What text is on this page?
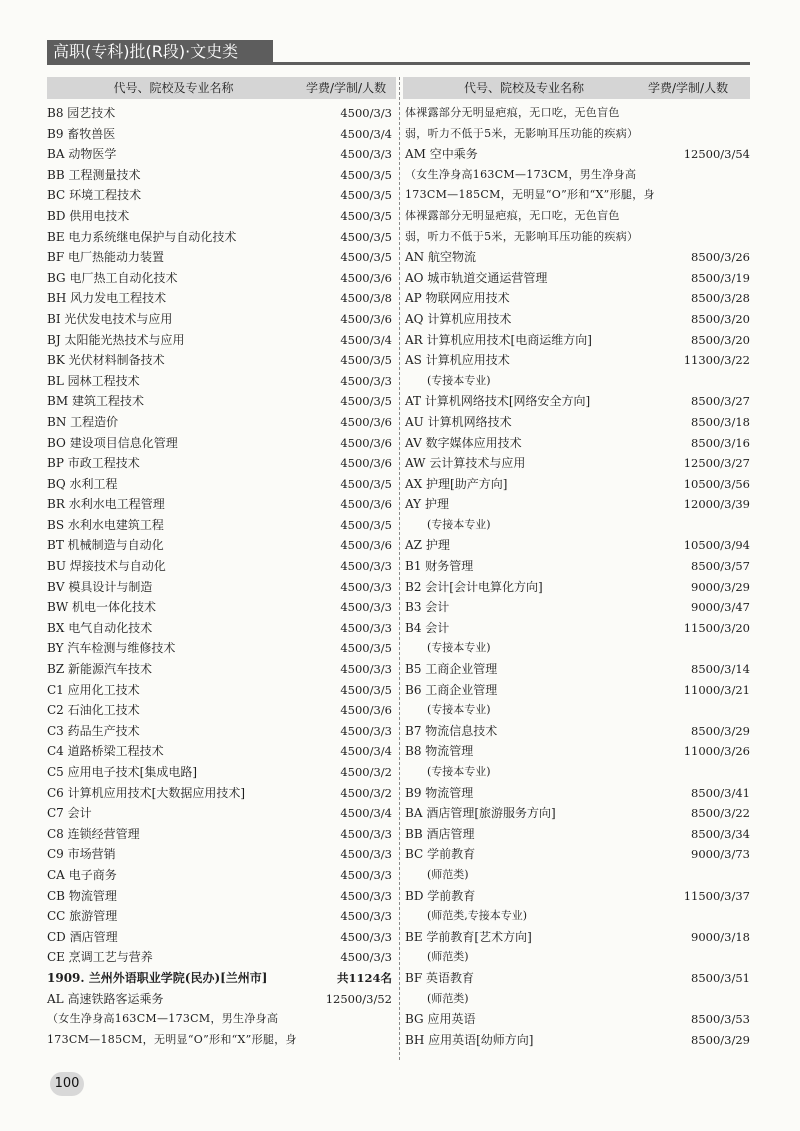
高职(专科)批(R段)·文史类
代号、院校及专业名称	学费/学制/人数	代号、院校及专业名称	学费/学制/人数
B8 园艺技术	4500/3/3
B9 畜牧兽医	4500/3/4
BA 动物医学	4500/3/3
BB 工程测量技术	4500/3/5
BC 环境工程技术	4500/3/5
BD 供用电技术	4500/3/5
BE 电力系统继电保护与自动化技术	4500/3/5
BF 电厂热能动力装置	4500/3/5
BG 电厂热工自动化技术	4500/3/6
BH 风力发电工程技术	4500/3/8
BI 光伏发电技术与应用	4500/3/6
BJ 太阳能光热技术与应用	4500/3/4
BK 光伏材料制备技术	4500/3/5
BL 园林工程技术	4500/3/3
BM 建筑工程技术	4500/3/5
BN 工程造价	4500/3/6
BO 建设项目信息化管理	4500/3/6
BP 市政工程技术	4500/3/6
BQ 水利工程	4500/3/5
BR 水利水电工程管理	4500/3/6
BS 水利水电建筑工程	4500/3/5
BT 机械制造与自动化	4500/3/6
BU 焊接技术与自动化	4500/3/3
BV 模具设计与制造	4500/3/3
BW 机电一体化技术	4500/3/3
BX 电气自动化技术	4500/3/3
BY 汽车检测与维修技术	4500/3/5
BZ 新能源汽车技术	4500/3/3
C1 应用化工技术	4500/3/5
C2 石油化工技术	4500/3/6
C3 药品生产技术	4500/3/3
C4 道路桥梁工程技术	4500/3/4
C5 应用电子技术[集成电路]	4500/3/2
C6 计算机应用技术[大数据应用技术]	4500/3/2
C7 会计	4500/3/4
C8 连锁经营管理	4500/3/3
C9 市场营销	4500/3/3
CA 电子商务	4500/3/3
CB 物流管理	4500/3/3
CC 旅游管理	4500/3/3
CD 酒店管理	4500/3/3
CE 烹调工艺与营养	4500/3/3
1909. 兰州外语职业学院(民办)[兰州市]	共1124名
AL 高速铁路客运乘务	12500/3/52
（女生净身高163CM—173CM，男生净身高
173CM—185CM，无明显“O”形和“X”形腿，身
体裸露部分无明显疤痕，无口吃，无色盲色
弱，听力不低于5米，无影响耳压功能的疾病）
AM 空中乘务	12500/3/54
（女生净身高163CM—173CM，男生净身高
173CM—185CM，无明显“O”形和“X”形腿，身
体裸露部分无明显疤痕，无口吃，无色盲色
弱，听力不低于5米，无影响耳压功能的疾病）
AN 航空物流	8500/3/26
AO 城市轨道交通运营管理	8500/3/19
AP 物联网应用技术	8500/3/28
AQ 计算机应用技术	8500/3/20
AR 计算机应用技术[电商运维方向]	8500/3/20
AS 计算机应用技术	11300/3/22
(专接本专业)
AT 计算机网络技术[网络安全方向]	8500/3/27
AU 计算机网络技术	8500/3/18
AV 数字媒体应用技术	8500/3/16
AW 云计算技术与应用	12500/3/27
AX 护理[助产方向]	10500/3/56
AY 护理	12000/3/39
(专接本专业)
AZ 护理	10500/3/94
B1 财务管理	8500/3/57
B2 会计[会计电算化方向]	9000/3/29
B3 会计	9000/3/47
B4 会计	11500/3/20
(专接本专业)
B5 工商企业管理	8500/3/14
B6 工商企业管理	11000/3/21
(专接本专业)
B7 物流信息技术	8500/3/29
B8 物流管理	11000/3/26
(专接本专业)
B9 物流管理	8500/3/41
BA 酒店管理[旅游服务方向]	8500/3/22
BB 酒店管理	8500/3/34
BC 学前教育	9000/3/73
(师范类)
BD 学前教育	11500/3/37
(师范类,专接本专业)
BE 学前教育[艺术方向]	9000/3/18
(师范类)
BF 英语教育	8500/3/51
(师范类)
BG 应用英语	8500/3/53
BH 应用英语[幼师方向]	8500/3/29
100
